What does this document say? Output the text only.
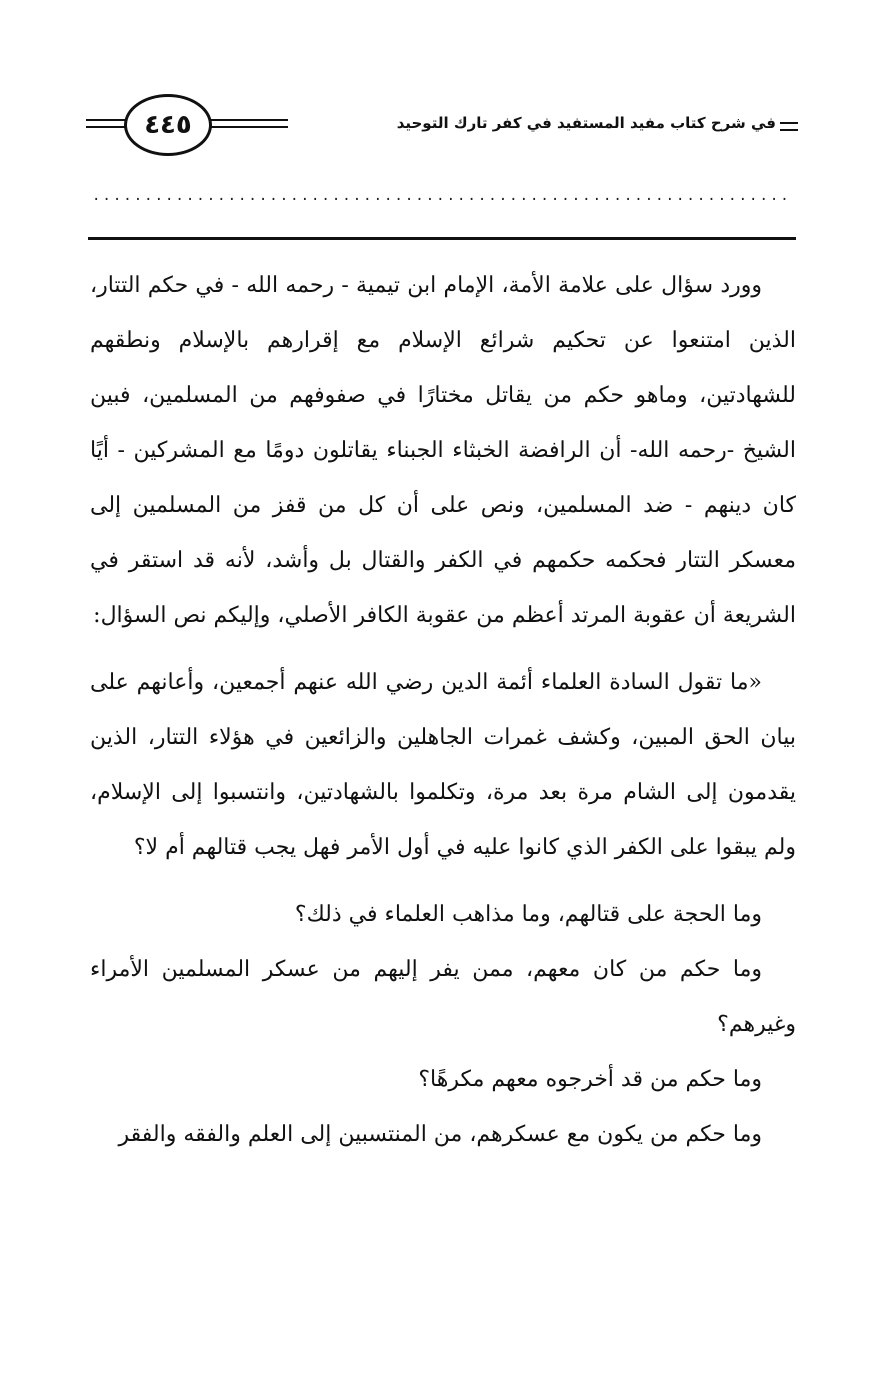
٤٤٥	في شرح كتاب مفيد المستفيد في كفر تارك التوحيد
...................................................................

وورد سؤال على علامة الأمة، الإمام ابن تيمية - رحمه الله - في حكم التتار، الذين امتنعوا عن تحكيم شرائع الإسلام مع إقرارهم بالإسلام ونطقهم للشهادتين، وماهو حكم من يقاتل مختارًا في صفوفهم من المسلمين، فبين الشيخ -رحمه الله- أن الرافضة الخبثاء الجبناء يقاتلون دومًا مع المشركين - أيًا كان دينهم - ضد المسلمين، ونص على أن كل من قفز من المسلمين إلى معسكر التتار فحكمه حكمهم في الكفر والقتال بل وأشد، لأنه قد استقر في الشريعة أن عقوبة المرتد أعظم من عقوبة الكافر الأصلي، وإليكم نص السؤال:

«ما تقول السادة العلماء أئمة الدين رضي الله عنهم أجمعين، وأعانهم على بيان الحق المبين، وكشف غمرات الجاهلين والزائعين في هؤلاء التتار، الذين يقدمون إلى الشام مرة بعد مرة، وتكلموا بالشهادتين، وانتسبوا إلى الإسلام، ولم يبقوا على الكفر الذي كانوا عليه في أول الأمر فهل يجب قتالهم أم لا؟

وما الحجة على قتالهم، وما مذاهب العلماء في ذلك؟

وما حكم من كان معهم، ممن يفر إليهم من عسكر المسلمين الأمراء وغيرهم؟

وما حكم من قد أخرجوه معهم مكرهًا؟

وما حكم من يكون مع عسكرهم، من المنتسبين إلى العلم والفقه والفقر
